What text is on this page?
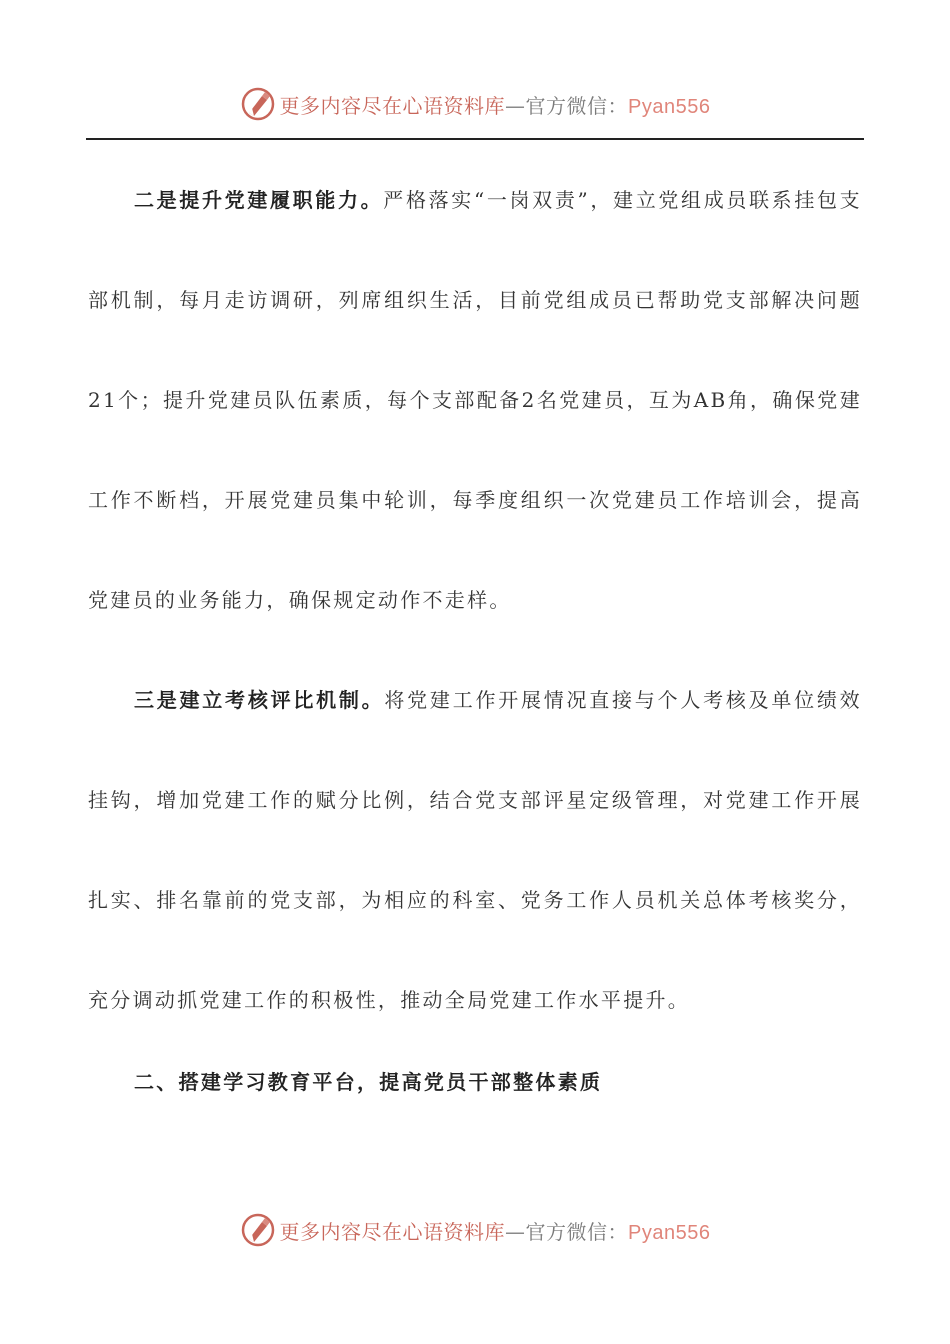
更多内容尽在心语资料库—官方微信：Pyan556

二是提升党建履职能力。严格落实“一岗双责”，建立党组成员联系挂包支部机制，每月走访调研，列席组织生活，目前党组成员已帮助党支部解决问题21个；提升党建员队伍素质，每个支部配备2名党建员，互为AB角，确保党建工作不断档，开展党建员集中轮训，每季度组织一次党建员工作培训会，提高党建员的业务能力，确保规定动作不走样。

三是建立考核评比机制。将党建工作开展情况直接与个人考核及单位绩效挂钩，增加党建工作的赋分比例，结合党支部评星定级管理，对党建工作开展扎实、排名靠前的党支部，为相应的科室、党务工作人员机关总体考核奖分，充分调动抓党建工作的积极性，推动全局党建工作水平提升。

二、搭建学习教育平台，提高党员干部整体素质

更多内容尽在心语资料库—官方微信：Pyan556
